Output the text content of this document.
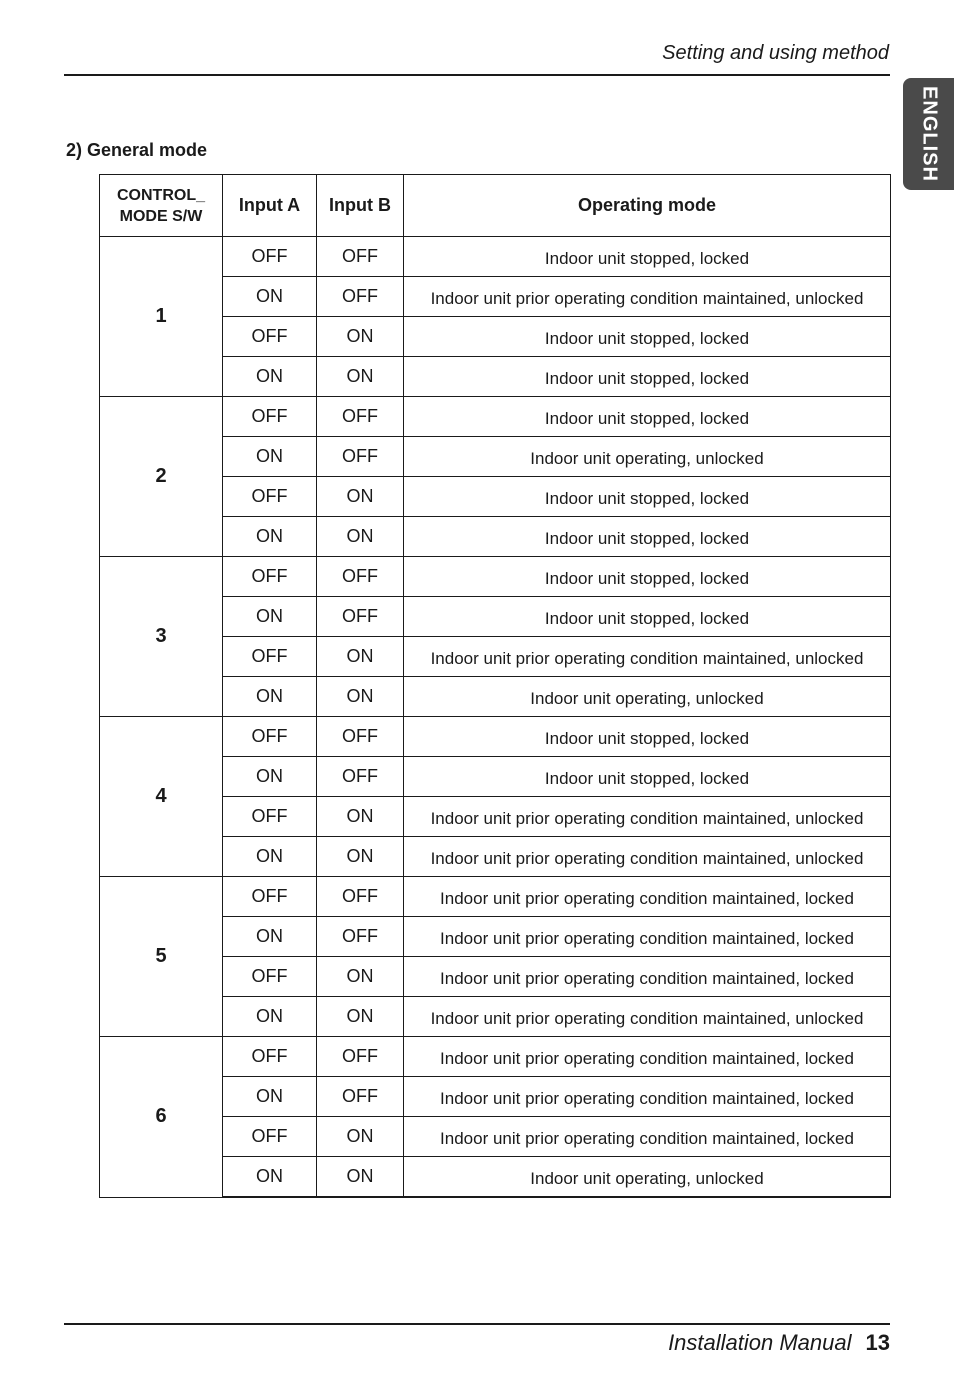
Setting and using method
ENGLISH
2) General mode
CONTROL_
MODE S/W	Input A	Input B	Operating mode
1	OFF	OFF	Indoor unit stopped, locked
	ON	OFF	Indoor unit prior operating condition maintained, unlocked
	OFF	ON	Indoor unit stopped, locked
	ON	ON	Indoor unit stopped, locked
2	OFF	OFF	Indoor unit stopped, locked
	ON	OFF	Indoor unit operating, unlocked
	OFF	ON	Indoor unit stopped, locked
	ON	ON	Indoor unit stopped, locked
3	OFF	OFF	Indoor unit stopped, locked
	ON	OFF	Indoor unit stopped, locked
	OFF	ON	Indoor unit prior operating condition maintained, unlocked
	ON	ON	Indoor unit operating, unlocked
4	OFF	OFF	Indoor unit stopped, locked
	ON	OFF	Indoor unit stopped, locked
	OFF	ON	Indoor unit prior operating condition maintained, unlocked
	ON	ON	Indoor unit prior operating condition maintained, unlocked
5	OFF	OFF	Indoor unit prior operating condition maintained, locked
	ON	OFF	Indoor unit prior operating condition maintained, locked
	OFF	ON	Indoor unit prior operating condition maintained, locked
	ON	ON	Indoor unit prior operating condition maintained, unlocked
6	OFF	OFF	Indoor unit prior operating condition maintained, locked
	ON	OFF	Indoor unit prior operating condition maintained, locked
	OFF	ON	Indoor unit prior operating condition maintained, locked
	ON	ON	Indoor unit operating, unlocked
Installation Manual 13
